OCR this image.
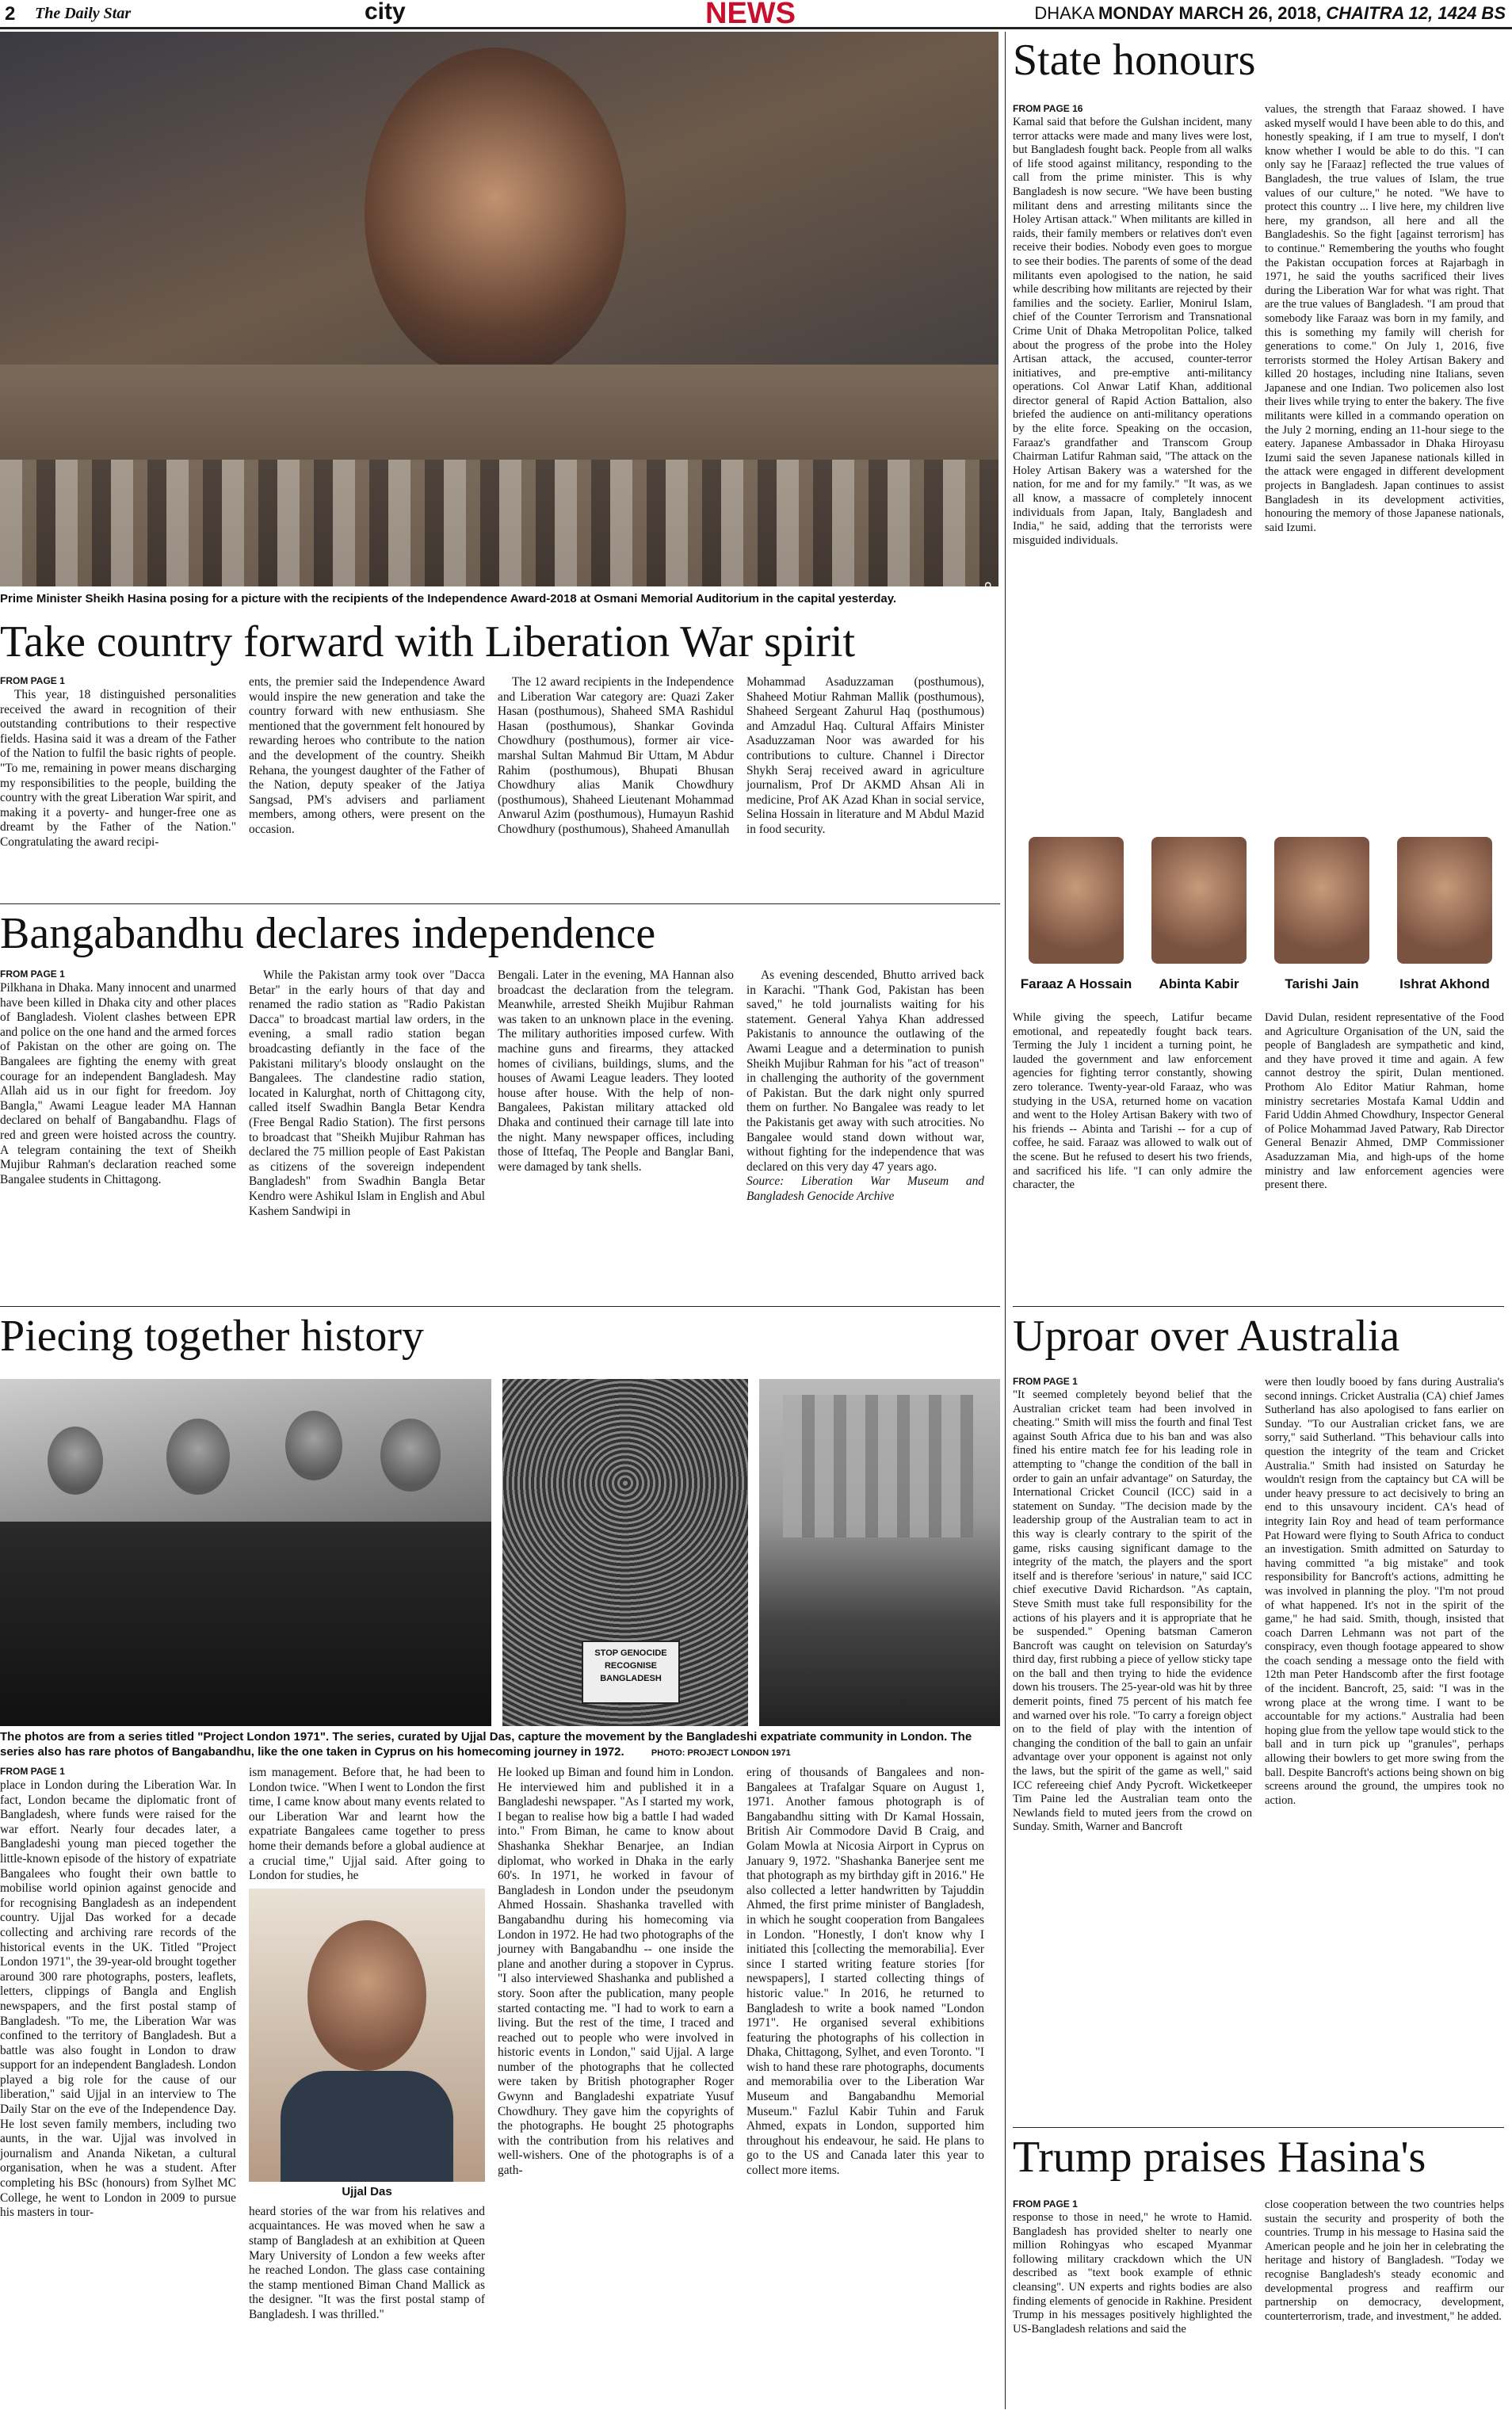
2 The Daily Star	city	NEWS	DHAKA MONDAY MARCH 26, 2018, CHAITRA 12, 1424 BS
PHOTO: PMO
Prime Minister Sheikh Hasina posing for a picture with the recipients of the Independence Award-2018 at Osmani Memorial Auditorium in the capital yesterday.
Take country forward with Liberation War spirit
FROM PAGE 1

This year, 18 distinguished personalities received the award in recognition of their outstanding contributions to their respective fields. Hasina said it was a dream of the Father of the Nation to fulfil the basic rights of people. "To me, remaining in power means discharging my responsibilities to the people, building the country with the great Liberation War spirit, and making it a poverty- and hunger-free one as dreamt by the Father of the Nation." Congratulating the award recipi-

ents, the premier said the Independence Award would inspire the new generation and take the country forward with new enthusiasm. She mentioned that the government felt honoured by rewarding heroes who contribute to the nation and the development of the country. Sheikh Rehana, the youngest daughter of the Father of the Nation, deputy speaker of the Jatiya Sangsad, PM's advisers and parliament members, among others, were present on the occasion.

The 12 award recipients in the Independence and Liberation War category are: Quazi Zaker Hasan (posthumous), Shaheed SMA Rashidul Hasan (posthumous), Shankar Govinda Chowdhury (posthumous), former air vice-marshal Sultan Mahmud Bir Uttam, M Abdur Rahim (posthumous), Bhupati Bhusan Chowdhury alias Manik Chowdhury (posthumous), Shaheed Lieutenant Mohammad Anwarul Azim (posthumous), Humayun Rashid Chowdhury (posthumous), Shaheed Amanullah

Mohammad Asaduzzaman (posthumous), Shaheed Motiur Rahman Mallik (posthumous), Shaheed Sergeant Zahurul Haq (posthumous) and Amzadul Haq. Cultural Affairs Minister Asaduzzaman Noor was awarded for his contributions to culture. Channel i Director Shykh Seraj received award in agriculture journalism, Prof Dr AKMD Ahsan Ali in medicine, Prof AK Azad Khan in social service, Selina Hossain in literature and M Abdul Mazid in food security.

Bangabandhu declares independence
FROM PAGE 1

Pilkhana in Dhaka. Many innocent and unarmed have been killed in Dhaka city and other places of Bangladesh. Violent clashes between EPR and police on the one hand and the armed forces of Pakistan on the other are going on. The Bangalees are fighting the enemy with great courage for an independent Bangladesh. May Allah aid us in our fight for freedom. Joy Bangla," Awami League leader MA Hannan declared on behalf of Bangabandhu. Flags of red and green were hoisted across the country. A telegram containing the text of Sheikh Mujibur Rahman's declaration reached some Bangalee students in Chittagong.

While the Pakistan army took over "Dacca Betar" in the early hours of that day and renamed the radio station as "Radio Pakistan Dacca" to broadcast martial law orders, in the evening, a small radio station began broadcasting defiantly in the face of the Pakistani military's bloody onslaught on the Bangalees. The clandestine radio station, located in Kalurghat, north of Chittagong city, called itself Swadhin Bangla Betar Kendra (Free Bengal Radio Station). The first persons to broadcast that "Sheikh Mujibur Rahman has declared the 75 million people of East Pakistan as citizens of the sovereign independent Bangladesh" from Swadhin Bangla Betar Kendro were Ashikul Islam in English and Abul Kashem Sandwipi in

Bengali. Later in the evening, MA Hannan also broadcast the declaration from the telegram. Meanwhile, arrested Sheikh Mujibur Rahman was taken to an unknown place in the evening. The military authorities imposed curfew. With machine guns and firearms, they attacked homes of civilians, buildings, slums, and the houses of Awami League leaders. They looted house after house. With the help of non-Bangalees, Pakistan military attacked old Dhaka and continued their carnage till late into the night. Many newspaper offices, including those of Ittefaq, The People and Banglar Bani, were damaged by tank shells.

As evening descended, Bhutto arrived back in Karachi. "Thank God, Pakistan has been saved," he told journalists waiting for his statement. General Yahya Khan addressed Pakistanis to announce the outlawing of the Awami League and a determination to punish Sheikh Mujibur Rahman for his "act of treason" in challenging the authority of the government of Pakistan. But the dark night only spurred them on further. No Bangalee was ready to let the Pakistanis get away with such atrocities. No Bangalee would stand down without war, without fighting for the independence that was declared on this very day 47 years ago.

Source: Liberation War Museum and Bangladesh Genocide Archive

Piecing together history
STOP GENOCIDE RECOGNISE BANGLADESH
The photos are from a series titled "Project London 1971". The series, curated by Ujjal Das, capture the movement by the Bangladeshi expatriate community in London. The series also has rare photos of Bangabandhu, like the one taken in Cyprus on his homecoming journey in 1972.	PHOTO: PROJECT LONDON 1971
FROM PAGE 1

place in London during the Liberation War. In fact, London became the diplomatic front of Bangladesh, where funds were raised for the war effort. Nearly four decades later, a Bangladeshi young man pieced together the little-known episode of the history of expatriate Bangalees who fought their own battle to mobilise world opinion against genocide and for recognising Bangladesh as an independent country. Ujjal Das worked for a decade collecting and archiving rare records of the historical events in the UK. Titled "Project London 1971", the 39-year-old brought together around 300 rare photographs, posters, leaflets, letters, clippings of Bangla and English newspapers, and the first postal stamp of Bangladesh. "To me, the Liberation War was confined to the territory of Bangladesh. But a battle was also fought in London to draw support for an independent Bangladesh. London played a big role for the cause of our liberation," said Ujjal in an interview to The Daily Star on the eve of the Independence Day. He lost seven family members, including two aunts, in the war. Ujjal was involved in journalism and Ananda Niketan, a cultural organisation, when he was a student. After completing his BSc (honours) from Sylhet MC College, he went to London in 2009 to pursue his masters in tour-

ism management. Before that, he had been to London twice. "When I went to London the first time, I came know about many events related to our Liberation War and learnt how the expatriate Bangalees came together to press home their demands before a global audience at a crucial time," Ujjal said. After going to London for studies, he

Ujjal Das

heard stories of the war from his relatives and acquaintances. He was moved when he saw a stamp of Bangladesh at an exhibition at Queen Mary University of London a few weeks after he reached London. The glass case containing the stamp mentioned Biman Chand Mallick as the designer. "It was the first postal stamp of Bangladesh. I was thrilled."

He looked up Biman and found him in London. He interviewed him and published it in a Bangladeshi newspaper. "As I started my work, I began to realise how big a battle I had waded into." From Biman, he came to know about Shashanka Shekhar Benarjee, an Indian diplomat, who worked in Dhaka in the early 60's. In 1971, he worked in favour of Bangladesh in London under the pseudonym Ahmed Hossain. Shashanka travelled with Bangabandhu during his homecoming via London in 1972. He had two photographs of the journey with Bangabandhu -- one inside the plane and another during a stopover in Cyprus. "I also interviewed Shashanka and published a story. Soon after the publication, many people started contacting me. "I had to work to earn a living. But the rest of the time, I traced and reached out to people who were involved in historic events in London," said Ujjal. A large number of the photographs that he collected were taken by British photographer Roger Gwynn and Bangladeshi expatriate Yusuf Chowdhury. They gave him the copyrights of the photographs. He bought 25 photographs with the contribution from his relatives and well-wishers. One of the photographs is of a gath-

ering of thousands of Bangalees and non-Bangalees at Trafalgar Square on August 1, 1971. Another famous photograph is of Bangabandhu sitting with Dr Kamal Hossain, British Air Commodore David B Craig, and Golam Mowla at Nicosia Airport in Cyprus on January 9, 1972. "Shashanka Banerjee sent me that photograph as my birthday gift in 2016." He also collected a letter handwritten by Tajuddin Ahmed, the first prime minister of Bangladesh, in which he sought cooperation from Bangalees in London. "Honestly, I don't know why I initiated this [collecting the memorabilia]. Ever since I started writing feature stories [for newspapers], I started collecting things of historic value." In 2016, he returned to Bangladesh to write a book named "London 1971". He organised several exhibitions featuring the photographs of his collection in Dhaka, Chittagong, Sylhet, and even Toronto. "I wish to hand these rare photographs, documents and memorabilia over to the Liberation War Museum and Bangabandhu Memorial Museum." Fazlul Kabir Tuhin and Faruk Ahmed, expats in London, supported him throughout his endeavour, he said. He plans to go to the US and Canada later this year to collect more items.

State honours
FROM PAGE 16

Kamal said that before the Gulshan incident, many terror attacks were made and many lives were lost, but Bangladesh fought back. People from all walks of life stood against militancy, responding to the call from the prime minister. This is why Bangladesh is now secure. "We have been busting militant dens and arresting militants since the Holey Artisan attack." When militants are killed in raids, their family members or relatives don't even receive their bodies. Nobody even goes to morgue to see their bodies. The parents of some of the dead militants even apologised to the nation, he said while describing how militants are rejected by their families and the society. Earlier, Monirul Islam, chief of the Counter Terrorism and Transnational Crime Unit of Dhaka Metropolitan Police, talked about the progress of the probe into the Holey Artisan attack, the accused, counter-terror initiatives, and pre-emptive anti-militancy operations. Col Anwar Latif Khan, additional director general of Rapid Action Battalion, also briefed the audience on anti-militancy operations by the elite force. Speaking on the occasion, Faraaz's grandfather and Transcom Group Chairman Latifur Rahman said, "The attack on the Holey Artisan Bakery was a watershed for the nation, for me and for my family." "It was, as we all know, a massacre of completely innocent individuals from Japan, Italy, Bangladesh and India," he said, adding that the terrorists were misguided individuals.

values, the strength that Faraaz showed. I have asked myself would I have been able to do this, and honestly speaking, if I am true to myself, I don't know whether I would be able to do this. "I can only say he [Faraaz] reflected the true values of Bangladesh, the true values of Islam, the true values of our culture," he noted. "We have to protect this country ... I live here, my children live here, my grandson, all here and all the Bangladeshis. So the fight [against terrorism] has to continue." Remembering the youths who fought the Pakistan occupation forces at Rajarbagh in 1971, he said the youths sacrificed their lives during the Liberation War for what was right. That are the true values of Bangladesh. "I am proud that somebody like Faraaz was born in my family, and this is something my family will cherish for generations to come." On July 1, 2016, five terrorists stormed the Holey Artisan Bakery and killed 20 hostages, including nine Italians, seven Japanese and one Indian. Two policemen also lost their lives while trying to enter the bakery. The five militants were killed in a commando operation on the July 2 morning, ending an 11-hour siege to the eatery. Japanese Ambassador in Dhaka Hiroyasu Izumi said the seven Japanese nationals killed in the attack were engaged in different development projects in Bangladesh. Japan continues to assist Bangladesh in its development activities, honouring the memory of those Japanese nationals, said Izumi.

Faraaz A Hossain	Abinta Kabir	Tarishi Jain	Ishrat Akhond

While giving the speech, Latifur became emotional, and repeatedly fought back tears. Terming the July 1 incident a turning point, he lauded the government and law enforcement agencies for fighting terror constantly, showing zero tolerance. Twenty-year-old Faraaz, who was studying in the USA, returned home on vacation and went to the Holey Artisan Bakery with two of his friends -- Abinta and Tarishi -- for a cup of coffee, he said. Faraaz was allowed to walk out of the scene. But he refused to desert his two friends, and sacrificed his life. "I can only admire the character, the

David Dulan, resident representative of the Food and Agriculture Organisation of the UN, said the people of Bangladesh are sympathetic and kind, and they have proved it time and again. A few cannot destroy the spirit, Dulan mentioned. Prothom Alo Editor Matiur Rahman, home ministry secretaries Mostafa Kamal Uddin and Farid Uddin Ahmed Chowdhury, Inspector General of Police Mohammad Javed Patwary, Rab Director General Benazir Ahmed, DMP Commissioner Asaduzzaman Mia, and high-ups of the home ministry and law enforcement agencies were present there.

Uproar over Australia
FROM PAGE 1

"It seemed completely beyond belief that the Australian cricket team had been involved in cheating." Smith will miss the fourth and final Test against South Africa due to his ban and was also fined his entire match fee for his leading role in attempting to "change the condition of the ball in order to gain an unfair advantage" on Saturday, the International Cricket Council (ICC) said in a statement on Sunday. "The decision made by the leadership group of the Australian team to act in this way is clearly contrary to the spirit of the game, risks causing significant damage to the integrity of the match, the players and the sport itself and is therefore 'serious' in nature," said ICC chief executive David Richardson. "As captain, Steve Smith must take full responsibility for the actions of his players and it is appropriate that he be suspended." Opening batsman Cameron Bancroft was caught on television on Saturday's third day, first rubbing a piece of yellow sticky tape on the ball and then trying to hide the evidence down his trousers. The 25-year-old was hit by three demerit points, fined 75 percent of his match fee and warned over his role. "To carry a foreign object on to the field of play with the intention of changing the condition of the ball to gain an unfair advantage over your opponent is against not only the laws, but the spirit of the game as well," said ICC refereeing chief Andy Pycroft. Wicketkeeper Tim Paine led the Australian team onto the Newlands field to muted jeers from the crowd on Sunday. Smith, Warner and Bancroft

were then loudly booed by fans during Australia's second innings. Cricket Australia (CA) chief James Sutherland has also apologised to fans earlier on Sunday. "To our Australian cricket fans, we are sorry," said Sutherland. "This behaviour calls into question the integrity of the team and Cricket Australia." Smith had insisted on Saturday he wouldn't resign from the captaincy but CA will be under heavy pressure to act decisively to bring an end to this unsavoury incident. CA's head of integrity Iain Roy and head of team performance Pat Howard were flying to South Africa to conduct an investigation. Smith admitted on Saturday to having committed "a big mistake" and took responsibility for Bancroft's actions, admitting he was involved in planning the ploy. "I'm not proud of what happened. It's not in the spirit of the game," he had said. Smith, though, insisted that coach Darren Lehmann was not part of the conspiracy, even though footage appeared to show the coach sending a message onto the field with 12th man Peter Handscomb after the first footage of the incident. Bancroft, 25, said: "I was in the wrong place at the wrong time. I want to be accountable for my actions." Australia had been hoping glue from the yellow tape would stick to the ball and in turn pick up "granules", perhaps allowing their bowlers to get more swing from the ball. Despite Bancroft's actions being shown on big screens around the ground, the umpires took no action.

Trump praises Hasina's
FROM PAGE 1

response to those in need," he wrote to Hamid. Bangladesh has provided shelter to nearly one million Rohingyas who escaped Myanmar following military crackdown which the UN described as "text book example of ethnic cleansing". UN experts and rights bodies are also finding elements of genocide in Rakhine. President Trump in his messages positively highlighted the US-Bangladesh relations and said the

close cooperation between the two countries helps sustain the security and prosperity of both the countries. Trump in his message to Hasina said the American people and he join her in celebrating the heritage and history of Bangladesh. "Today we recognise Bangladesh's steady economic and developmental progress and reaffirm our partnership on democracy, development, counterterrorism, trade, and investment," he added.
